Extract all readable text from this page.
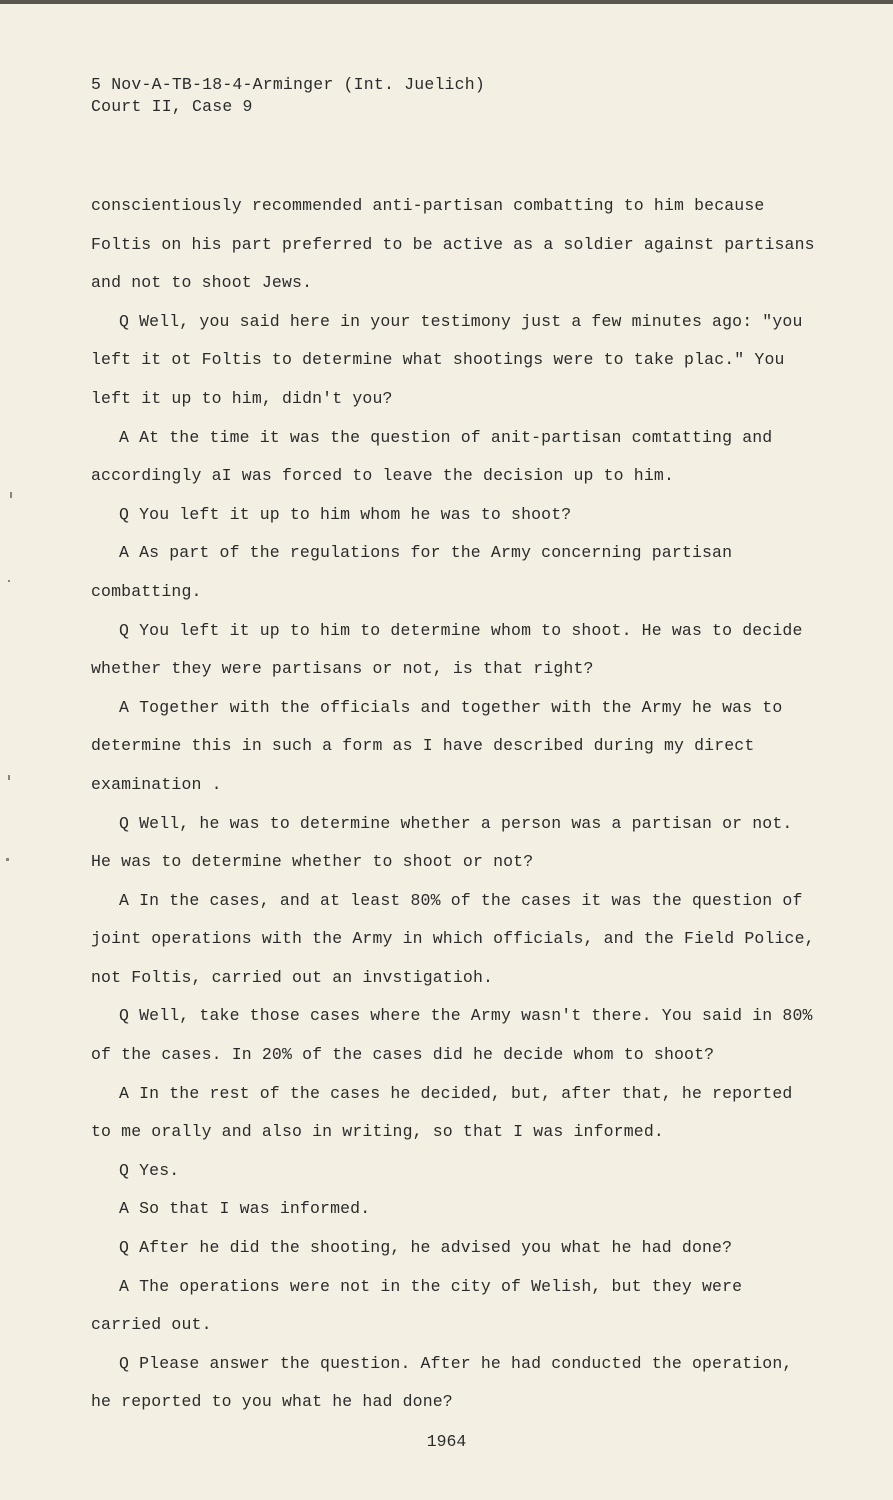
5 Nov-A-TB-18-4-Arminger (Int. Juelich)
Court II, Case 9

conscientiously recommended anti-partisan combatting to him because Foltis on his part preferred to be active as a soldier against partisans and not to shoot Jews.

Q Well, you said here in your testimony just a few minutes ago: "you left it ot Foltis to determine what shootings were to take plac." You left it up to him, didn't you?

A At the time it was the question of anit-partisan comtatting and accordingly aI was forced to leave the decision up to him.

Q You left it up to him whom he was to shoot?

A As part of the regulations for the Army concerning partisan combatting.

Q You left it up to him to determine whom to shoot. He was to decide whether they were partisans or not, is that right?

A Together with the officials and together with the Army he was to determine this in such a form as I have described during my direct examination .

Q Well, he was to determine whether a person was a partisan or not. He was to determine whether to shoot or not?

A In the cases, and at least 80% of the cases it was the question of joint operations with the Army in which officials, and the Field Police, not Foltis, carried out an invstigatioh.

Q Well, take those cases where the Army wasn't there. You said in 80% of the cases. In 20% of the cases did he decide whom to shoot?

A In the rest of the cases he decided, but, after that, he reported to me orally and also in writing, so that I was informed.

Q Yes.

A So that I was informed.

Q After he did the shooting, he advised you what he had done?

A The operations were not in the city of Welish, but they were carried out.

Q Please answer the question. After he had conducted the operation, he reported to you what he had done?

1964
